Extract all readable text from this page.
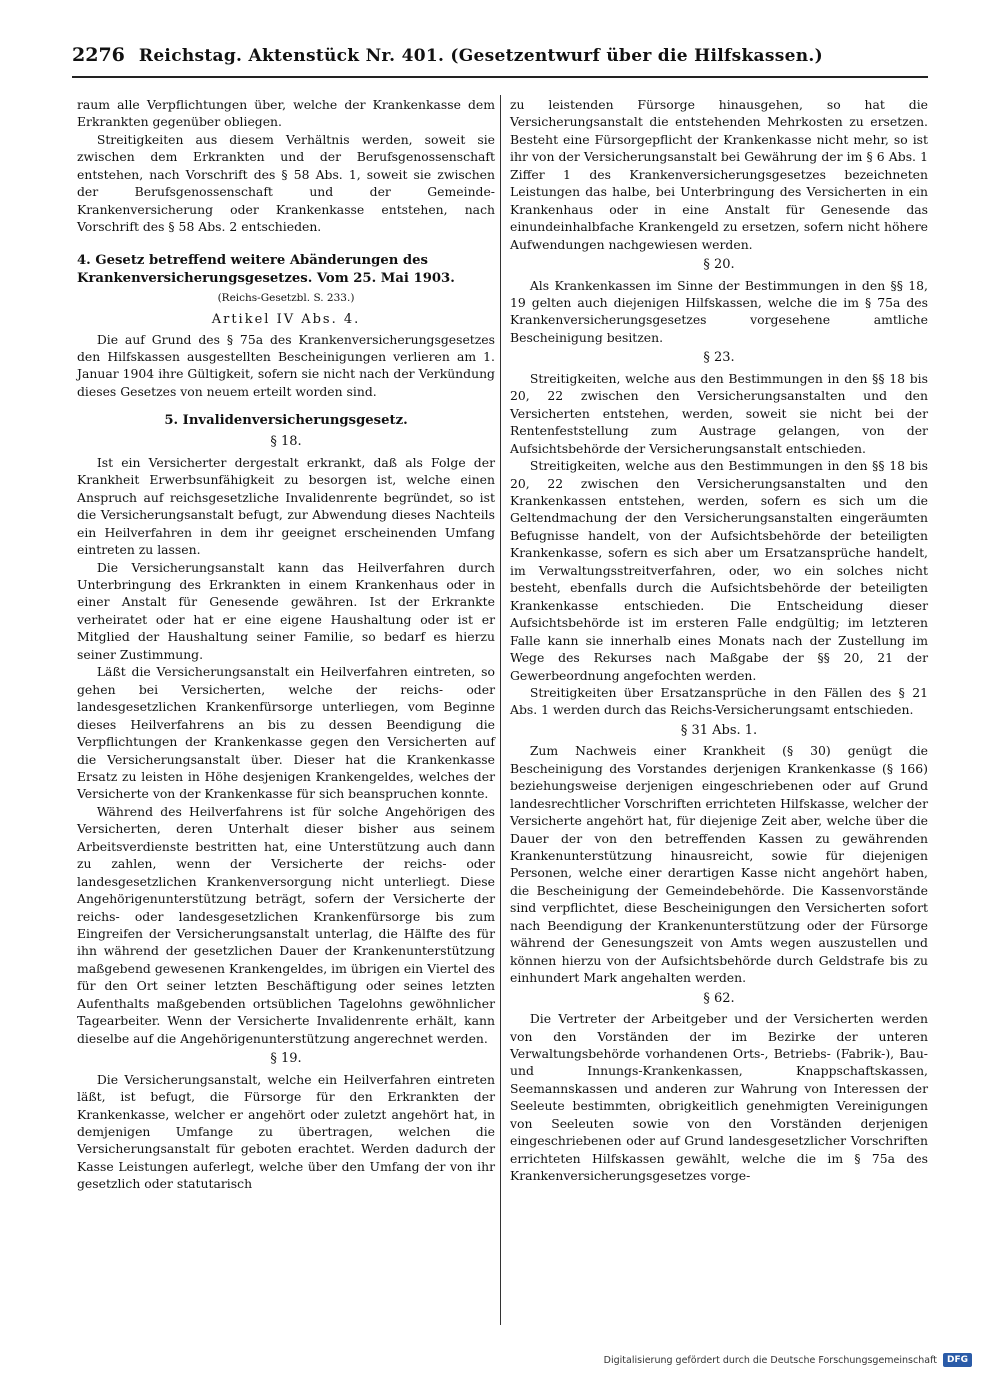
2276 Reichstag. Aktenstück Nr. 401. (Gesetzentwurf über die Hilfskassen.)

raum alle Verpflichtungen über, welche der Krankenkasse dem Erkrankten gegenüber obliegen.

Streitigkeiten aus diesem Verhältnis werden, soweit sie zwischen dem Erkrankten und der Berufsgenossenschaft entstehen, nach Vorschrift des § 58 Abs. 1, soweit sie zwischen der Berufsgenossenschaft und der Gemeinde-Krankenversicherung oder Krankenkasse entstehen, nach Vorschrift des § 58 Abs. 2 entschieden.

4. Gesetz betreffend weitere Abänderungen des Krankenversicherungsgesetzes. Vom 25. Mai 1903.
(Reichs-Gesetzbl. S. 233.)
Artikel IV Abs. 4.

Die auf Grund des § 75a des Krankenversicherungsgesetzes den Hilfskassen ausgestellten Bescheinigungen verlieren am 1. Januar 1904 ihre Gültigkeit, sofern sie nicht nach der Verkündung dieses Gesetzes von neuem erteilt worden sind.

5. Invalidenversicherungsgesetz.
§ 18.

Ist ein Versicherter dergestalt erkrankt, daß als Folge der Krankheit Erwerbsunfähigkeit zu besorgen ist, welche einen Anspruch auf reichsgesetzliche Invalidenrente begründet, so ist die Versicherungsanstalt befugt, zur Abwendung dieses Nachteils ein Heilverfahren in dem ihr geeignet erscheinenden Umfang eintreten zu lassen.

Die Versicherungsanstalt kann das Heilverfahren durch Unterbringung des Erkrankten in einem Krankenhaus oder in einer Anstalt für Genesende gewähren. Ist der Erkrankte verheiratet oder hat er eine eigene Haushaltung oder ist er Mitglied der Haushaltung seiner Familie, so bedarf es hierzu seiner Zustimmung.

Läßt die Versicherungsanstalt ein Heilverfahren eintreten, so gehen bei Versicherten, welche der reichs- oder landesgesetzlichen Krankenfürsorge unterliegen, vom Beginne dieses Heilverfahrens an bis zu dessen Beendigung die Verpflichtungen der Krankenkasse gegen den Versicherten auf die Versicherungsanstalt über. Dieser hat die Krankenkasse Ersatz zu leisten in Höhe desjenigen Krankengeldes, welches der Versicherte von der Krankenkasse für sich beanspruchen konnte.

Während des Heilverfahrens ist für solche Angehörigen des Versicherten, deren Unterhalt dieser bisher aus seinem Arbeitsverdienste bestritten hat, eine Unterstützung auch dann zu zahlen, wenn der Versicherte der reichs- oder landesgesetzlichen Krankenversorgung nicht unterliegt. Diese Angehörigenunterstützung beträgt, sofern der Versicherte der reichs- oder landesgesetzlichen Krankenfürsorge bis zum Eingreifen der Versicherungsanstalt unterlag, die Hälfte des für ihn während der gesetzlichen Dauer der Krankenunterstützung maßgebend gewesenen Krankengeldes, im übrigen ein Viertel des für den Ort seiner letzten Beschäftigung oder seines letzten Aufenthalts maßgebenden ortsüblichen Tagelohns gewöhnlicher Tagearbeiter. Wenn der Versicherte Invalidenrente erhält, kann dieselbe auf die Angehörigenunterstützung angerechnet werden.

§ 19.

Die Versicherungsanstalt, welche ein Heilverfahren eintreten läßt, ist befugt, die Fürsorge für den Erkrankten der Krankenkasse, welcher er angehört oder zuletzt angehört hat, in demjenigen Umfange zu übertragen, welchen die Versicherungsanstalt für geboten erachtet. Werden dadurch der Kasse Leistungen auferlegt, welche über den Umfang der von ihr gesetzlich oder statutarisch

zu leistenden Fürsorge hinausgehen, so hat die Versicherungsanstalt die entstehenden Mehrkosten zu ersetzen. Besteht eine Fürsorgepflicht der Krankenkasse nicht mehr, so ist ihr von der Versicherungsanstalt bei Gewährung der im § 6 Abs. 1 Ziffer 1 des Krankenversicherungsgesetzes bezeichneten Leistungen das halbe, bei Unterbringung des Versicherten in ein Krankenhaus oder in eine Anstalt für Genesende das einundeinhalbfache Krankengeld zu ersetzen, sofern nicht höhere Aufwendungen nachgewiesen werden.

§ 20.

Als Krankenkassen im Sinne der Bestimmungen in den §§ 18, 19 gelten auch diejenigen Hilfskassen, welche die im § 75a des Krankenversicherungsgesetzes vorgesehene amtliche Bescheinigung besitzen.

§ 23.

Streitigkeiten, welche aus den Bestimmungen in den §§ 18 bis 20, 22 zwischen den Versicherungsanstalten und den Versicherten entstehen, werden, soweit sie nicht bei der Rentenfeststellung zum Austrage gelangen, von der Aufsichtsbehörde der Versicherungsanstalt entschieden.

Streitigkeiten, welche aus den Bestimmungen in den §§ 18 bis 20, 22 zwischen den Versicherungsanstalten und den Krankenkassen entstehen, werden, sofern es sich um die Geltendmachung der den Versicherungsanstalten eingeräumten Befugnisse handelt, von der Aufsichtsbehörde der beteiligten Krankenkasse, sofern es sich aber um Ersatzansprüche handelt, im Verwaltungsstreitverfahren, oder, wo ein solches nicht besteht, ebenfalls durch die Aufsichtsbehörde der beteiligten Krankenkasse entschieden. Die Entscheidung dieser Aufsichtsbehörde ist im ersteren Falle endgültig; im letzteren Falle kann sie innerhalb eines Monats nach der Zustellung im Wege des Rekurses nach Maßgabe der §§ 20, 21 der Gewerbeordnung angefochten werden.

Streitigkeiten über Ersatzansprüche in den Fällen des § 21 Abs. 1 werden durch das Reichs-Versicherungsamt entschieden.

§ 31 Abs. 1.

Zum Nachweis einer Krankheit (§ 30) genügt die Bescheinigung des Vorstandes derjenigen Krankenkasse (§ 166) beziehungsweise derjenigen eingeschriebenen oder auf Grund landesrechtlicher Vorschriften errichteten Hilfskasse, welcher der Versicherte angehört hat, für diejenige Zeit aber, welche über die Dauer der von den betreffenden Kassen zu gewährenden Krankenunterstützung hinausreicht, sowie für diejenigen Personen, welche einer derartigen Kasse nicht angehört haben, die Bescheinigung der Gemeindebehörde. Die Kassenvorstände sind verpflichtet, diese Bescheinigungen den Versicherten sofort nach Beendigung der Krankenunterstützung oder der Fürsorge während der Genesungszeit von Amts wegen auszustellen und können hierzu von der Aufsichtsbehörde durch Geldstrafe bis zu einhundert Mark angehalten werden.

§ 62.

Die Vertreter der Arbeitgeber und der Versicherten werden von den Vorständen der im Bezirke der unteren Verwaltungsbehörde vorhandenen Orts-, Betriebs- (Fabrik-), Bau- und Innungs-Krankenkassen, Knappschaftskassen, Seemannskassen und anderen zur Wahrung von Interessen der Seeleute bestimmten, obrigkeitlich genehmigten Vereinigungen von Seeleuten sowie von den Vorständen derjenigen eingeschriebenen oder auf Grund landesgesetzlicher Vorschriften errichteten Hilfskassen gewählt, welche die im § 75a des Krankenversicherungsgesetzes vorge-

Digitalisierung gefördert durch die Deutsche Forschungsgemeinschaft	DFG
